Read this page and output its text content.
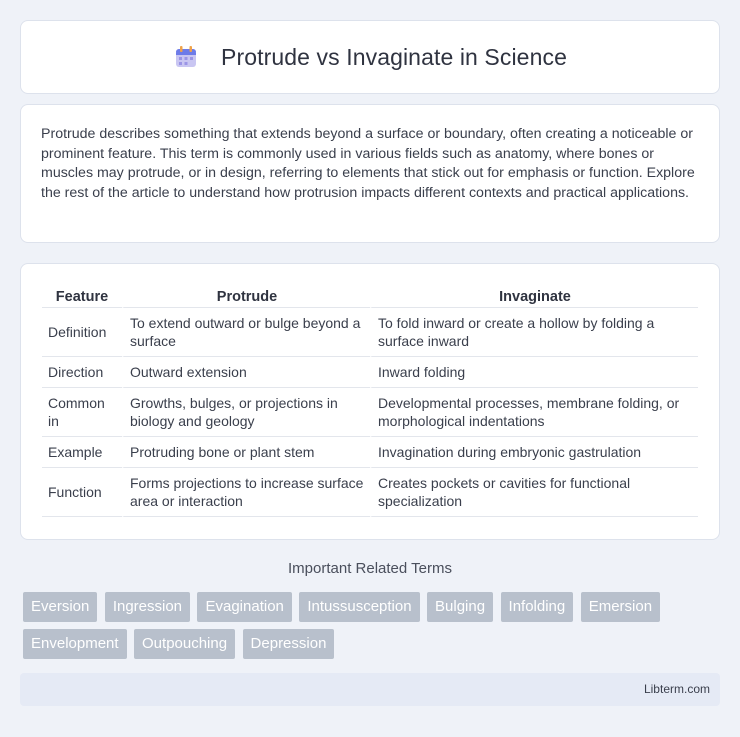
Protrude vs Invaginate in Science

Protrude describes something that extends beyond a surface or boundary, often creating a noticeable or prominent feature. This term is commonly used in various fields such as anatomy, where bones or muscles may protrude, or in design, referring to elements that stick out for emphasis or function. Explore the rest of the article to understand how protrusion impacts different contexts and practical applications.

Feature	Protrude	Invaginate
Definition	To extend outward or bulge beyond a surface	To fold inward or create a hollow by folding a surface inward
Direction	Outward extension	Inward folding
Common in	Growths, bulges, or projections in biology and geology	Developmental processes, membrane folding, or morphological indentations
Example	Protruding bone or plant stem	Invagination during embryonic gastrulation
Function	Forms projections to increase surface area or interaction	Creates pockets or cavities for functional specialization
Important Related Terms
Eversion Ingression Evagination Intussusception Bulging Infolding Emersion Envelopment Outpouching Depression
Libterm.com
